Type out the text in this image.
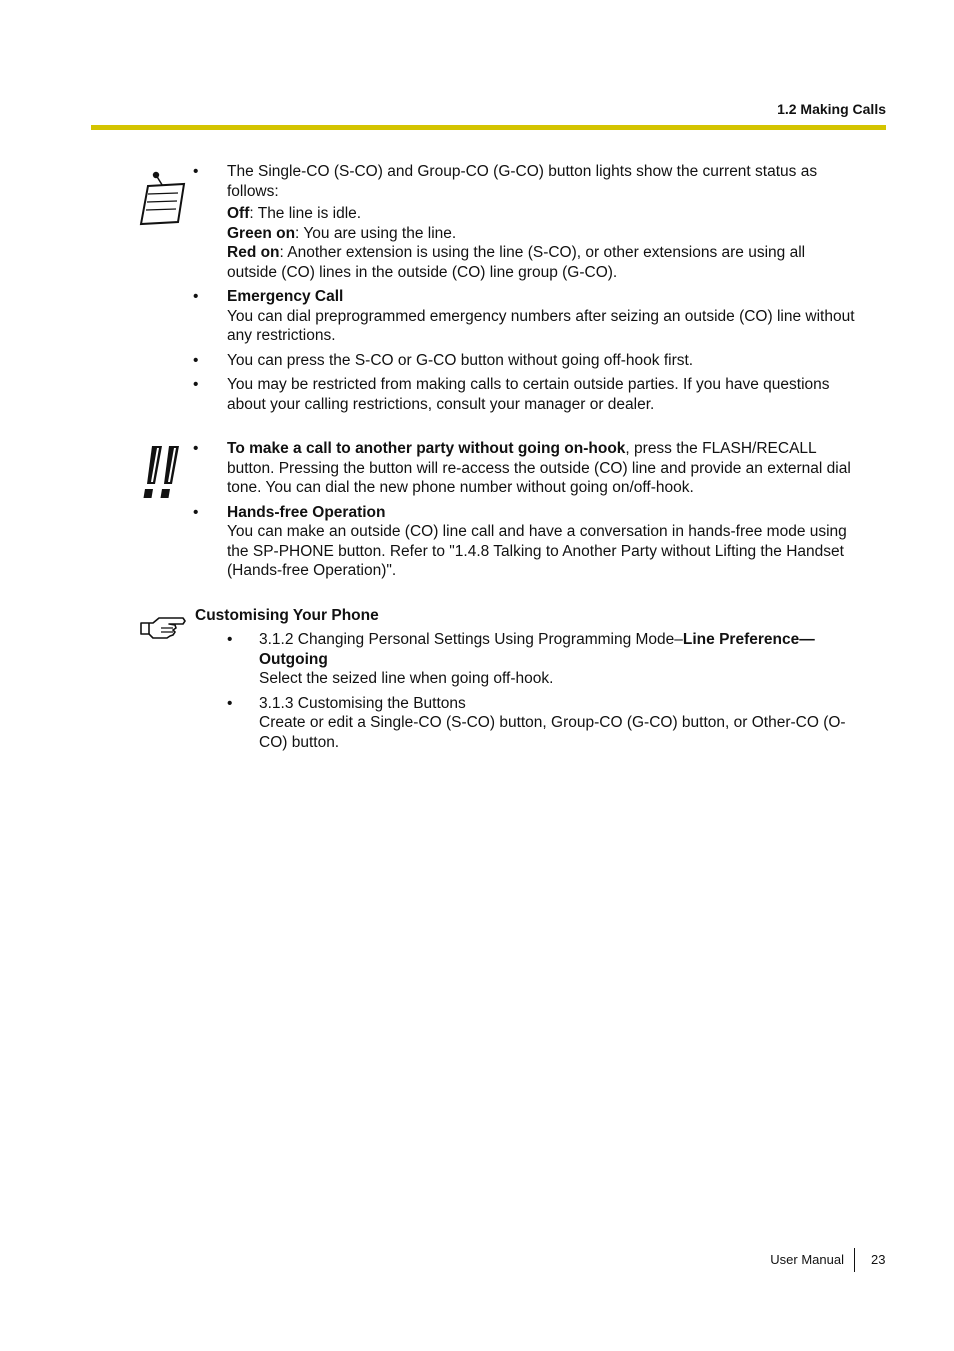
1.2 Making Calls
•	The Single-CO (S-CO) and Group-CO (G-CO) button lights show the current status as follows:

Off: The line is idle.

Green on: You are using the line.

Red on: Another extension is using the line (S-CO), or other extensions are using all outside (CO) lines in the outside (CO) line group (G-CO).

•	Emergency Call

You can dial preprogrammed emergency numbers after seizing an outside (CO) line without any restrictions.

•	You can press the S-CO or G-CO button without going off-hook first.

•	You may be restricted from making calls to certain outside parties. If you have questions about your calling restrictions, consult your manager or dealer.

•	To make a call to another party without going on-hook, press the FLASH/RECALL button. Pressing the button will re-access the outside (CO) line and provide an external dial tone. You can dial the new phone number without going on/off-hook.

•	Hands-free Operation

You can make an outside (CO) line call and have a conversation in hands-free mode using the SP-PHONE button. Refer to "1.4.8 Talking to Another Party without Lifting the Handset (Hands-free Operation)".

Customising Your Phone
•	3.1.2 Changing Personal Settings Using Programming Mode–Line Preference—Outgoing

Select the seized line when going off-hook.

•	3.1.3 Customising the Buttons

Create or edit a Single-CO (S-CO) button, Group-CO (G-CO) button, or Other-CO (O-CO) button.

User Manual 23
